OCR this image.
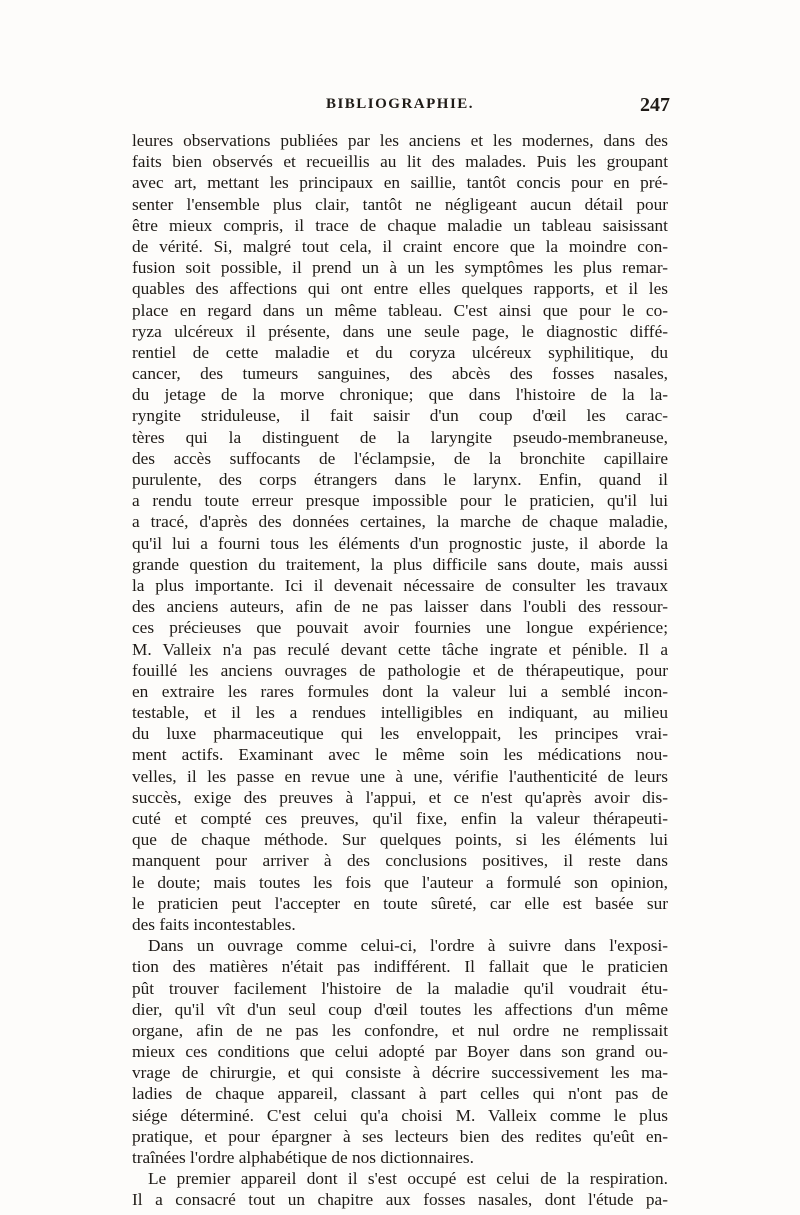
BIBLIOGRAPHIE.	247
leures observations publiées par les anciens et les modernes, dans des
faits bien observés et recueillis au lit des malades. Puis les groupant
avec art, mettant les principaux en saillie, tantôt concis pour en pré-
senter l'ensemble plus clair, tantôt ne négligeant aucun détail pour
être mieux compris, il trace de chaque maladie un tableau saisissant
de vérité. Si, malgré tout cela, il craint encore que la moindre con-
fusion soit possible, il prend un à un les symptômes les plus remar-
quables des affections qui ont entre elles quelques rapports, et il les
place en regard dans un même tableau. C'est ainsi que pour le co-
ryza ulcéreux il présente, dans une seule page, le diagnostic diffé-
rentiel de cette maladie et du coryza ulcéreux syphilitique, du
cancer, des tumeurs sanguines, des abcès des fosses nasales,
du jetage de la morve chronique; que dans l'histoire de la la-
ryngite striduleuse, il fait saisir d'un coup d'œil les carac-
tères qui la distinguent de la laryngite pseudo-membraneuse,
des accès suffocants de l'éclampsie, de la bronchite capillaire
purulente, des corps étrangers dans le larynx. Enfin, quand il
a rendu toute erreur presque impossible pour le praticien, qu'il lui
a tracé, d'après des données certaines, la marche de chaque maladie,
qu'il lui a fourni tous les éléments d'un prognostic juste, il aborde la
grande question du traitement, la plus difficile sans doute, mais aussi
la plus importante. Ici il devenait nécessaire de consulter les travaux
des anciens auteurs, afin de ne pas laisser dans l'oubli des ressour-
ces précieuses que pouvait avoir fournies une longue expérience;
M. Valleix n'a pas reculé devant cette tâche ingrate et pénible. Il a
fouillé les anciens ouvrages de pathologie et de thérapeutique, pour
en extraire les rares formules dont la valeur lui a semblé incon-
testable, et il les a rendues intelligibles en indiquant, au milieu
du luxe pharmaceutique qui les enveloppait, les principes vrai-
ment actifs. Examinant avec le même soin les médications nou-
velles, il les passe en revue une à une, vérifie l'authenticité de leurs
succès, exige des preuves à l'appui, et ce n'est qu'après avoir dis-
cuté et compté ces preuves, qu'il fixe, enfin la valeur thérapeuti-
que de chaque méthode. Sur quelques points, si les éléments lui
manquent pour arriver à des conclusions positives, il reste dans
le doute; mais toutes les fois que l'auteur a formulé son opinion,
le praticien peut l'accepter en toute sûreté, car elle est basée sur
des faits incontestables.
Dans un ouvrage comme celui-ci, l'ordre à suivre dans l'exposi-
tion des matières n'était pas indifférent. Il fallait que le praticien
pût trouver facilement l'histoire de la maladie qu'il voudrait étu-
dier, qu'il vît d'un seul coup d'œil toutes les affections d'un même
organe, afin de ne pas les confondre, et nul ordre ne remplissait
mieux ces conditions que celui adopté par Boyer dans son grand ou-
vrage de chirurgie, et qui consiste à décrire successivement les ma-
ladies de chaque appareil, classant à part celles qui n'ont pas de
siége déterminé. C'est celui qu'a choisi M. Valleix comme le plus
pratique, et pour épargner à ses lecteurs bien des redites qu'eût en-
traînées l'ordre alphabétique de nos dictionnaires.
Le premier appareil dont il s'est occupé est celui de la respiration.
Il a consacré tout un chapitre aux fosses nasales, dont l'étude pa-
